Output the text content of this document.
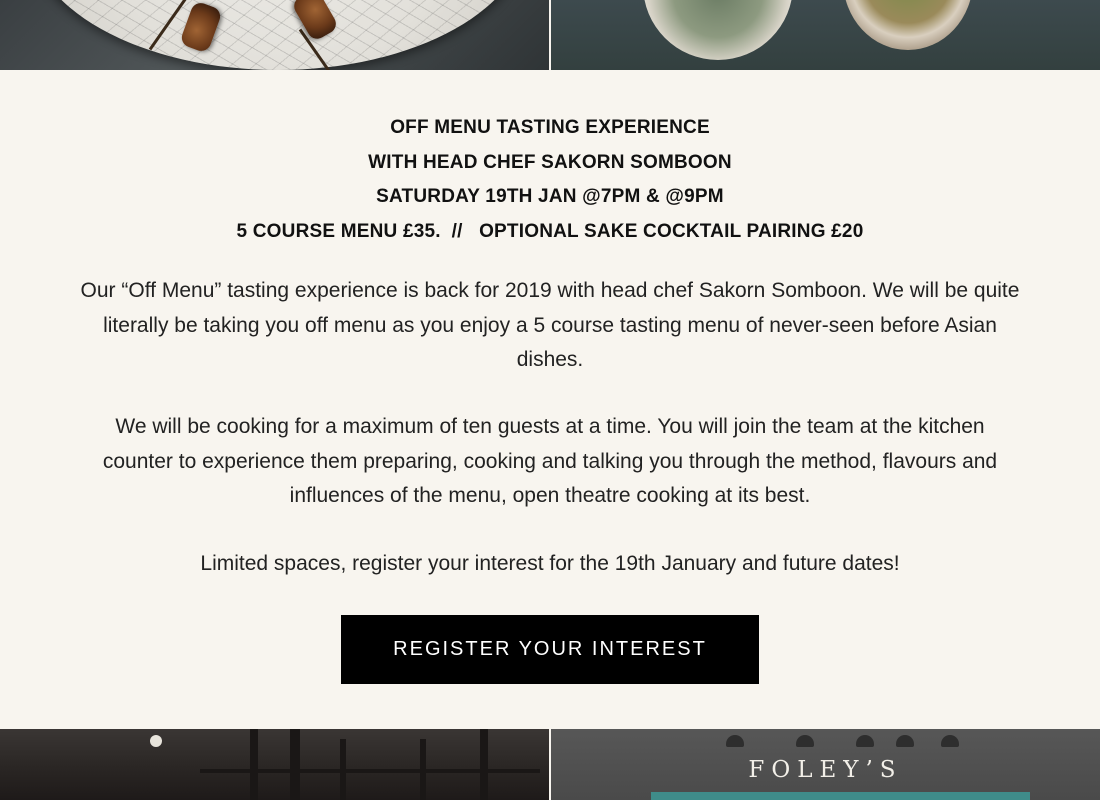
OFF MENU TASTING EXPERIENCE
WITH HEAD CHEF SAKORN SOMBOON
SATURDAY 19TH JAN @7PM & @9PM
5 COURSE MENU £35.  //   OPTIONAL SAKE COCKTAIL PAIRING £20

Our “Off Menu” tasting experience is back for 2019 with head chef Sakorn Somboon. We will be quite literally be taking you off menu as you enjoy a 5 course tasting menu of never-seen before Asian dishes.

We will be cooking for a maximum of ten guests at a time. You will join the team at the kitchen counter to experience them preparing, cooking and talking you through the method, flavours and influences of the menu, open theatre cooking at its best.

Limited spaces, register your interest for the 19th January and future dates!

REGISTER YOUR INTEREST
FOLEY’S
